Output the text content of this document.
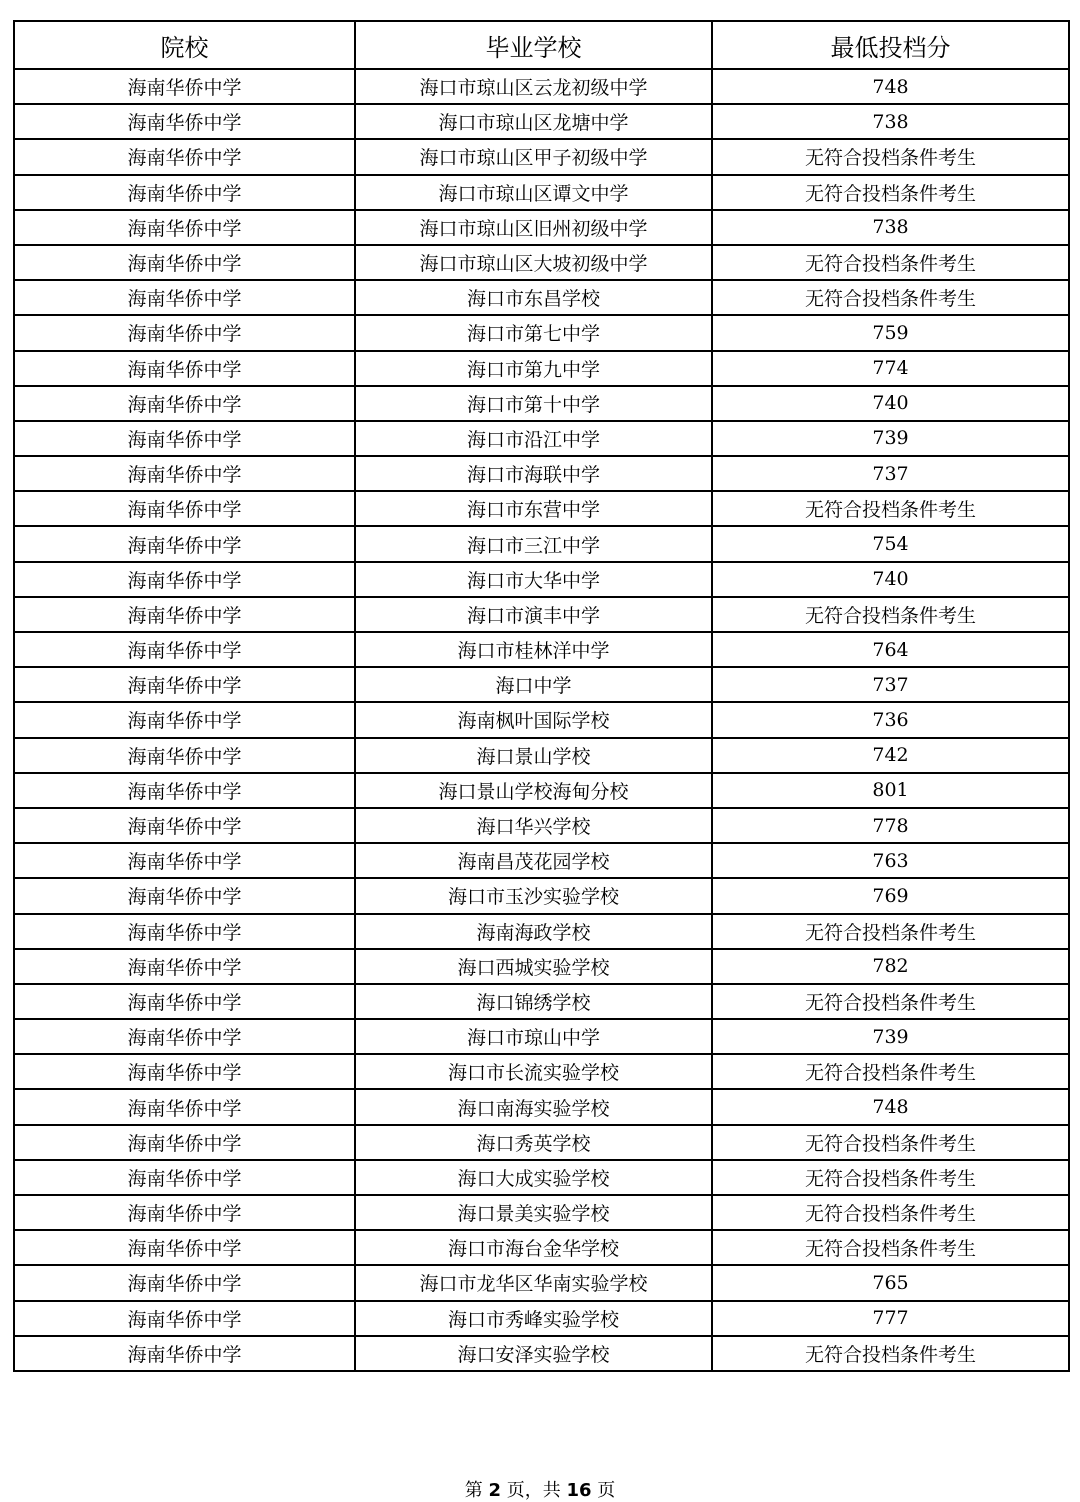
院校	毕业学校	最低投档分
海南华侨中学	海口市琼山区云龙初级中学	748
海南华侨中学	海口市琼山区龙塘中学	738
海南华侨中学	海口市琼山区甲子初级中学	无符合投档条件考生
海南华侨中学	海口市琼山区谭文中学	无符合投档条件考生
海南华侨中学	海口市琼山区旧州初级中学	738
海南华侨中学	海口市琼山区大坡初级中学	无符合投档条件考生
海南华侨中学	海口市东昌学校	无符合投档条件考生
海南华侨中学	海口市第七中学	759
海南华侨中学	海口市第九中学	774
海南华侨中学	海口市第十中学	740
海南华侨中学	海口市沿江中学	739
海南华侨中学	海口市海联中学	737
海南华侨中学	海口市东营中学	无符合投档条件考生
海南华侨中学	海口市三江中学	754
海南华侨中学	海口市大华中学	740
海南华侨中学	海口市演丰中学	无符合投档条件考生
海南华侨中学	海口市桂林洋中学	764
海南华侨中学	海口中学	737
海南华侨中学	海南枫叶国际学校	736
海南华侨中学	海口景山学校	742
海南华侨中学	海口景山学校海甸分校	801
海南华侨中学	海口华兴学校	778
海南华侨中学	海南昌茂花园学校	763
海南华侨中学	海口市玉沙实验学校	769
海南华侨中学	海南海政学校	无符合投档条件考生
海南华侨中学	海口西城实验学校	782
海南华侨中学	海口锦绣学校	无符合投档条件考生
海南华侨中学	海口市琼山中学	739
海南华侨中学	海口市长流实验学校	无符合投档条件考生
海南华侨中学	海口南海实验学校	748
海南华侨中学	海口秀英学校	无符合投档条件考生
海南华侨中学	海口大成实验学校	无符合投档条件考生
海南华侨中学	海口景美实验学校	无符合投档条件考生
海南华侨中学	海口市海台金华学校	无符合投档条件考生
海南华侨中学	海口市龙华区华南实验学校	765
海南华侨中学	海口市秀峰实验学校	777
海南华侨中学	海口安泽实验学校	无符合投档条件考生
第 2 页，共 16 页
